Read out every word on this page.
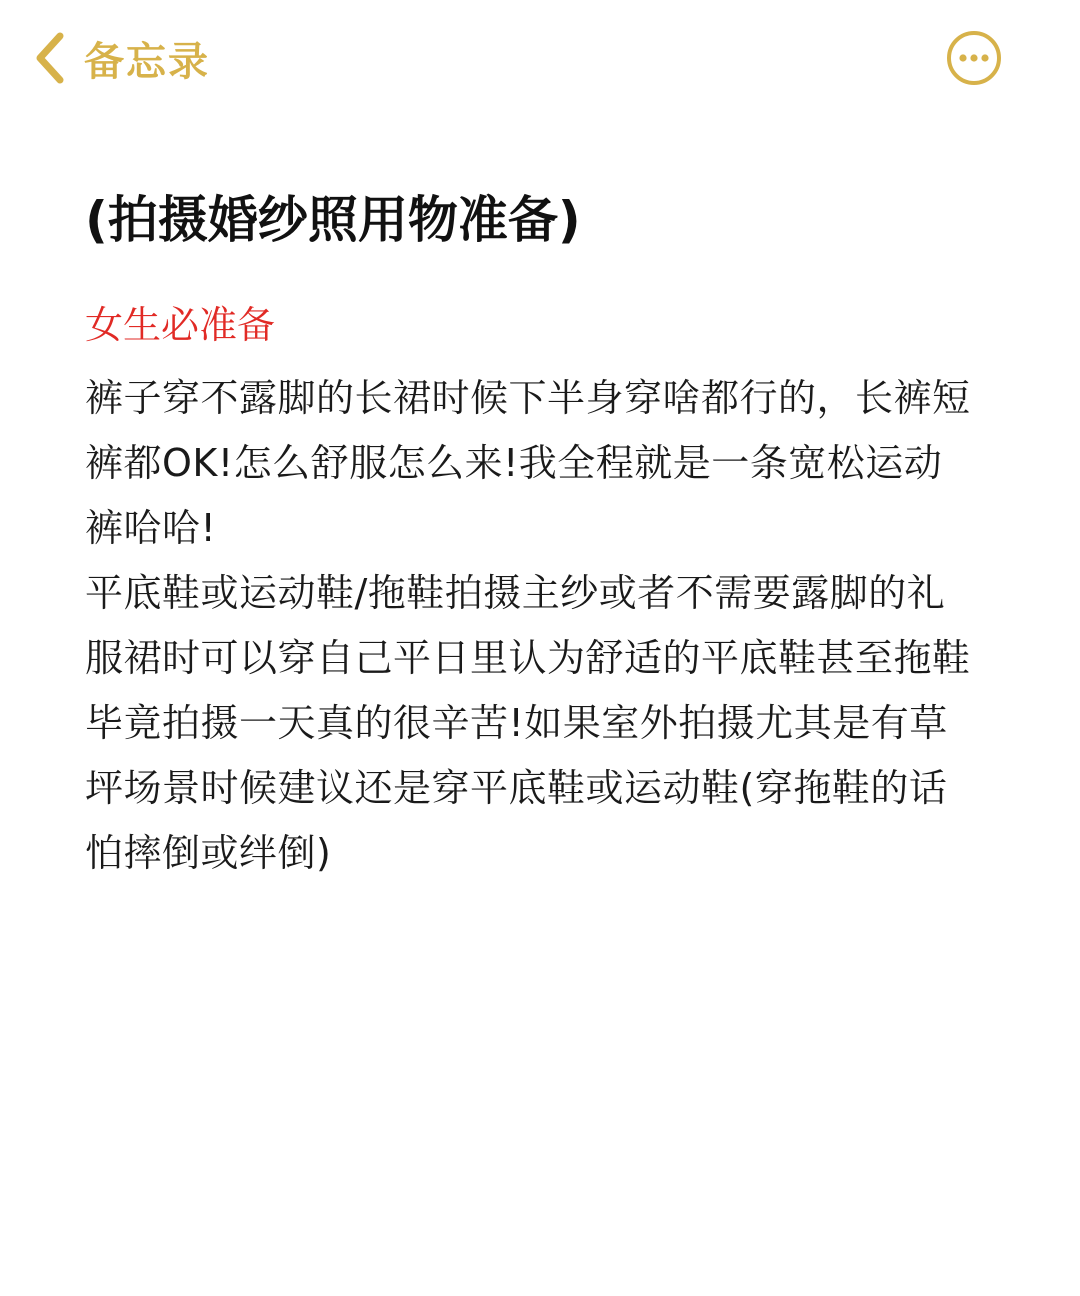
备忘录
(拍摄婚纱照用物准备)
女生必准备
裤子穿不露脚的长裙时候下半身穿啥都行的，长裤短裤都OK!怎么舒服怎么来!我全程就是一条宽松运动裤哈哈!
平底鞋或运动鞋/拖鞋拍摄主纱或者不需要露脚的礼服裙时可以穿自己平日里认为舒适的平底鞋甚至拖鞋毕竟拍摄一天真的很辛苦!如果室外拍摄尤其是有草坪场景时候建议还是穿平底鞋或运动鞋(穿拖鞋的话怕摔倒或绊倒)
